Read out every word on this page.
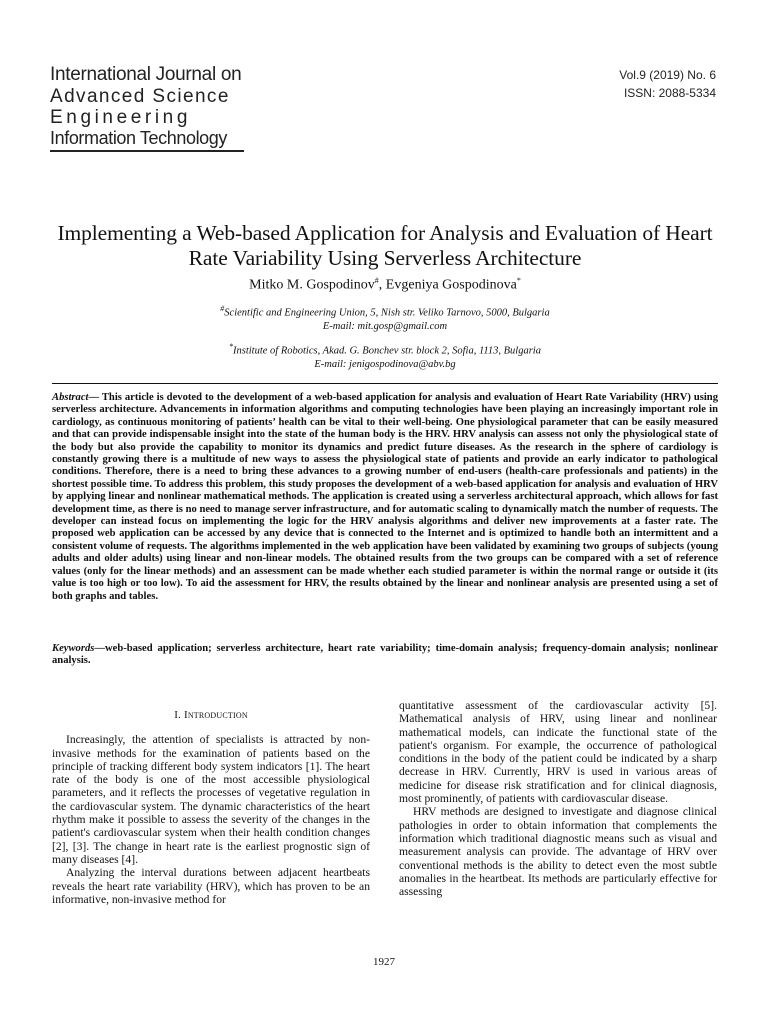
International Journal on
Advanced Science
Engineering
Information Technology
Vol.9 (2019) No. 6
ISSN: 2088-5334
Implementing a Web-based Application for Analysis and Evaluation of Heart Rate Variability Using Serverless Architecture
Mitko M. Gospodinov#, Evgeniya Gospodinova*
#Scientific and Engineering Union, 5, Nish str. Veliko Tarnovo, 5000, Bulgaria
E-mail: mit.gosp@gmail.com
*Institute of Robotics, Akad. G. Bonchev str. block 2, Sofia, 1113, Bulgaria
E-mail: jenigospodinova@abv.bg
Abstract— This article is devoted to the development of a web-based application for analysis and evaluation of Heart Rate Variability (HRV) using serverless architecture. Advancements in information algorithms and computing technologies have been playing an increasingly important role in cardiology, as continuous monitoring of patients’ health can be vital to their well-being. One physiological parameter that can be easily measured and that can provide indispensable insight into the state of the human body is the HRV. HRV analysis can assess not only the physiological state of the body but also provide the capability to monitor its dynamics and predict future diseases. As the research in the sphere of cardiology is constantly growing there is a multitude of new ways to assess the physiological state of patients and provide an early indicator to pathological conditions. Therefore, there is a need to bring these advances to a growing number of end-users (health-care professionals and patients) in the shortest possible time. To address this problem, this study proposes the development of a web-based application for analysis and evaluation of HRV by applying linear and nonlinear mathematical methods. The application is created using a serverless architectural approach, which allows for fast development time, as there is no need to manage server infrastructure, and for automatic scaling to dynamically match the number of requests. The developer can instead focus on implementing the logic for the HRV analysis algorithms and deliver new improvements at a faster rate. The proposed web application can be accessed by any device that is connected to the Internet and is optimized to handle both an intermittent and a consistent volume of requests. The algorithms implemented in the web application have been validated by examining two groups of subjects (young adults and older adults) using linear and non-linear models. The obtained results from the two groups can be compared with a set of reference values (only for the linear methods) and an assessment can be made whether each studied parameter is within the normal range or outside it (its value is too high or too low). To aid the assessment for HRV, the results obtained by the linear and nonlinear analysis are presented using a set of both graphs and tables.
Keywords—web-based application; serverless architecture, heart rate variability; time-domain analysis; frequency-domain analysis; nonlinear analysis.
I. Introduction

Increasingly, the attention of specialists is attracted by non-invasive methods for the examination of patients based on the principle of tracking different body system indicators [1]. The heart rate of the body is one of the most accessible physiological parameters, and it reflects the processes of vegetative regulation in the cardiovascular system. The dynamic characteristics of the heart rhythm make it possible to assess the severity of the changes in the patient's cardiovascular system when their health condition changes [2], [3]. The change in heart rate is the earliest prognostic sign of many diseases [4].

Analyzing the interval durations between adjacent heartbeats reveals the heart rate variability (HRV), which has proven to be an informative, non-invasive method for

quantitative assessment of the cardiovascular activity [5]. Mathematical analysis of HRV, using linear and nonlinear mathematical models, can indicate the functional state of the patient's organism. For example, the occurrence of pathological conditions in the body of the patient could be indicated by a sharp decrease in HRV. Currently, HRV is used in various areas of medicine for disease risk stratification and for clinical diagnosis, most prominently, of patients with cardiovascular disease.

HRV methods are designed to investigate and diagnose clinical pathologies in order to obtain information that complements the information which traditional diagnostic means such as visual and measurement analysis can provide. The advantage of HRV over conventional methods is the ability to detect even the most subtle anomalies in the heartbeat. Its methods are particularly effective for assessing

1927
